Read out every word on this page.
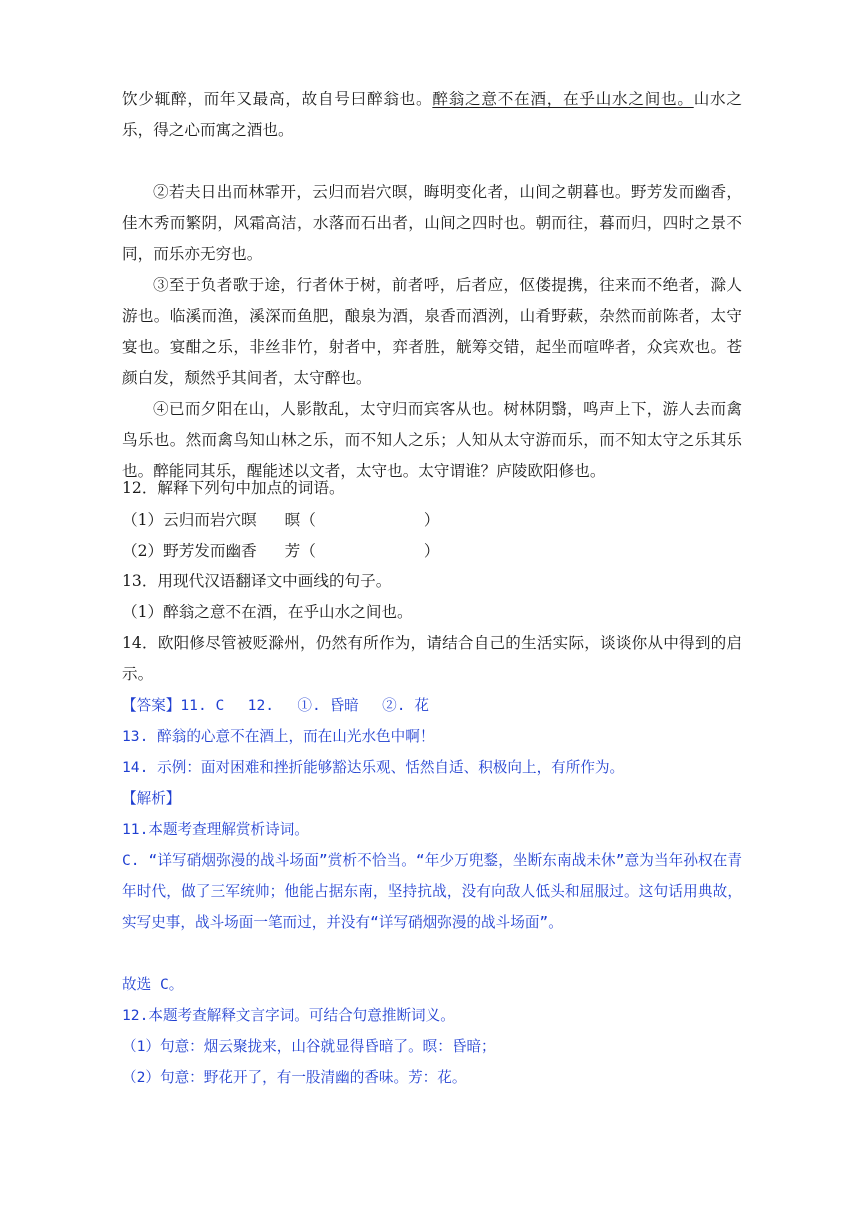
饮少辄醉，而年又最高，故自号曰醉翁也。醉翁之意不在酒，在乎山水之间也。山水之乐，得之心而寓之酒也。

②若夫日出而林霏开，云归而岩穴暝，晦明变化者，山间之朝暮也。野芳发而幽香，佳木秀而繁阴，风霜高洁，水落而石出者，山间之四时也。朝而往，暮而归，四时之景不同，而乐亦无穷也。

③至于负者歌于途，行者休于树，前者呼，后者应，伛偻提携，往来而不绝者，滁人游也。临溪而渔，溪深而鱼肥，酿泉为酒，泉香而酒洌，山肴野蔌，杂然而前陈者，太守宴也。宴酣之乐，非丝非竹，射者中，弈者胜，觥筹交错，起坐而喧哗者，众宾欢也。苍颜白发，颓然乎其间者，太守醉也。

④已而夕阳在山，人影散乱，太守归而宾客从也。树林阴翳，鸣声上下，游人去而禽鸟乐也。然而禽鸟知山林之乐，而不知人之乐；人知从太守游而乐，而不知太守之乐其乐也。醉能同其乐，醒能述以文者，太守也。太守谓谁？庐陵欧阳修也。

12．解释下列句中加点的词语。
（1）云归而岩穴暝 暝（	）
（2）野芳发而幽香 芳（	）
13．用现代汉语翻译文中画线的句子。
（1）醉翁之意不在酒，在乎山水之间也。

14．欧阳修尽管被贬滁州，仍然有所作为，请结合自己的生活实际，谈谈你从中得到的启示。

【答案】11. C　 12.　 ①. 昏暗　 ②. 花
13. 醉翁的心意不在酒上，而在山光水色中啊！
14. 示例：面对困难和挫折能够豁达乐观、恬然自适、积极向上，有所作为。
【解析】
11.本题考查理解赏析诗词。

C. “详写硝烟弥漫的战斗场面”赏析不恰当。“年少万兜鍪，坐断东南战未休”意为当年孙权在青年时代，做了三军统帅；他能占据东南，坚持抗战，没有向敌人低头和屈服过。这句话用典故，实写史事，战斗场面一笔而过，并没有“详写硝烟弥漫的战斗场面”。

故选 C。
12.本题考查解释文言字词。可结合句意推断词义。
（1）句意：烟云聚拢来，山谷就显得昏暗了。暝：昏暗；
（2）句意：野花开了，有一股清幽的香味。芳：花。
